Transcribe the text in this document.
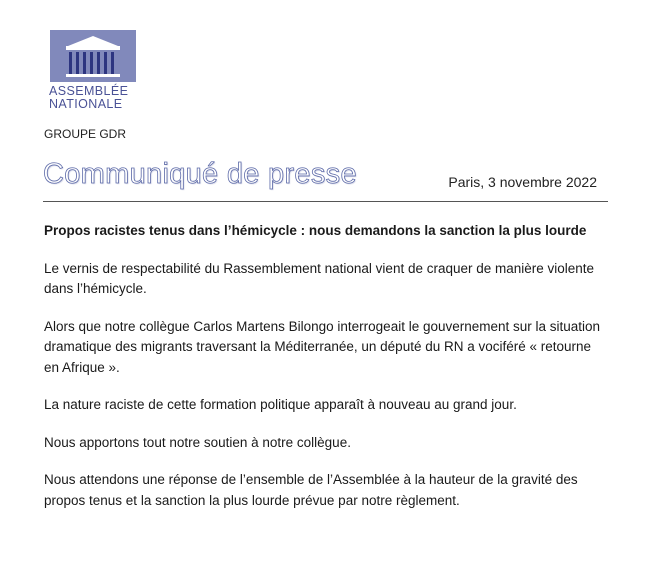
ASSEMBLÉE
NATIONALE
GROUPE GDR
Communiqué de presse	Paris, 3 novembre 2022

Propos racistes tenus dans l’hémicycle : nous demandons la sanction la plus lourde

Le vernis de respectabilité du Rassemblement national vient de craquer de manière violente dans l’hémicycle.

Alors que notre collègue Carlos Martens Bilongo interrogeait le gouvernement sur la situation dramatique des migrants traversant la Méditerranée, un député du RN a vociféré « retourne en Afrique ».

La nature raciste de cette formation politique apparaît à nouveau au grand jour.

Nous apportons tout notre soutien à notre collègue.

Nous attendons une réponse de l’ensemble de l’Assemblée à la hauteur de la gravité des propos tenus et la sanction la plus lourde prévue par notre règlement.
